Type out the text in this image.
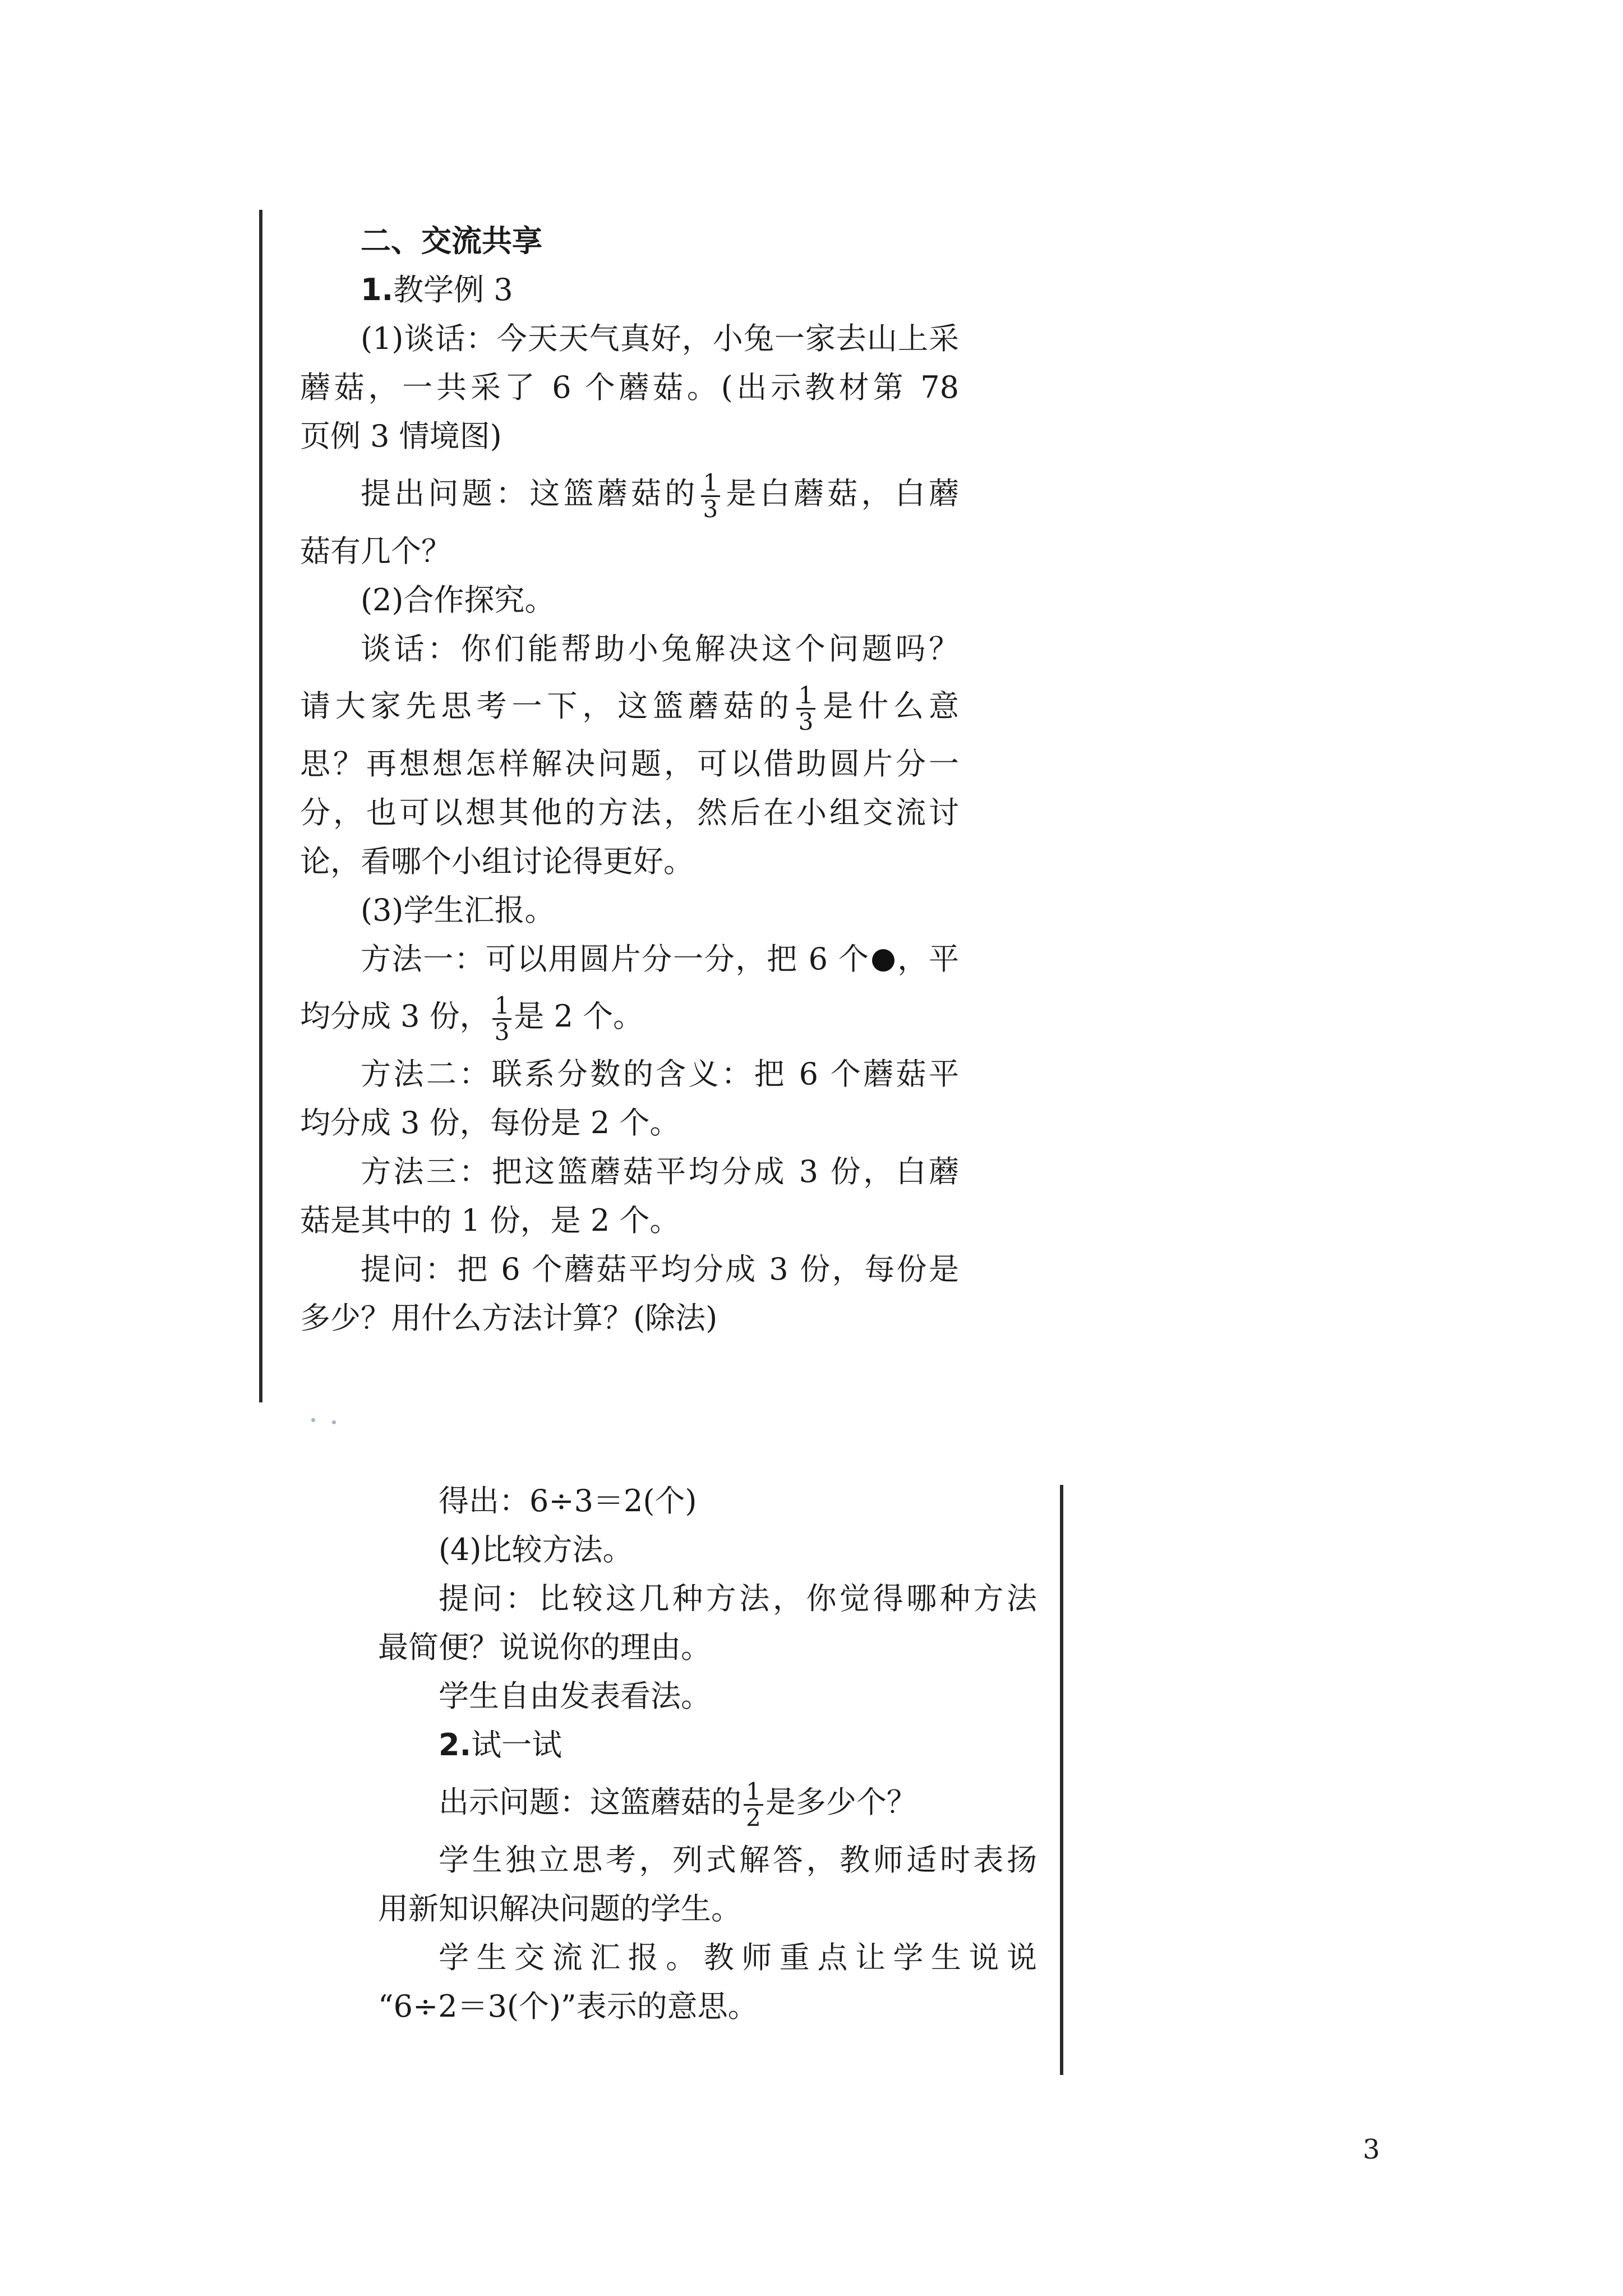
二、交流共享

1.教学例 3

(1)谈话：今天天气真好，小兔一家去山上采蘑菇，一共采了 6 个蘑菇。(出示教材第 78

页例 3 情境图)

提出问题：这篮蘑菇的 $\frac{1}{3}$ 是白蘑菇，白蘑

菇有几个？

(2)合作探究。

谈话：你们能帮助小兔解决这个问题吗？

请大家先思考一下，这篮蘑菇的 $\frac{1}{3}$ 是什么意

思？再想想怎样解决问题，可以借助圆片分一分，也可以想其他的方法，然后在小组交流讨

论，看哪个小组讨论得更好。

(3)学生汇报。

方法一：可以用圆片分一分，把 6 个 ，平

均分成 3 份， $\frac{1}{3}$ 是 2 个。

方法二：联系分数的含义：把 6 个蘑菇平

均分成 3 份，每份是 2 个。

方法三：把这篮蘑菇平均分成 3 份，白蘑

菇是其中的 1 份，是 2 个。

提问：把 6 个蘑菇平均分成 3 份，每份是

多少？用什么方法计算？(除法)

得出：6÷3＝2(个)

(4)比较方法。

提问：比较这几种方法，你觉得哪种方法

最简便？说说你的理由。

学生自由发表看法。

2.试一试

出示问题：这篮蘑菇的 $\frac{1}{2}$ 是多少个？

学生独立思考，列式解答，教师适时表扬

用新知识解决问题的学生。

学生交流汇报。教师重点让学生说说

“6÷2＝3(个)”表示的意思。

3
